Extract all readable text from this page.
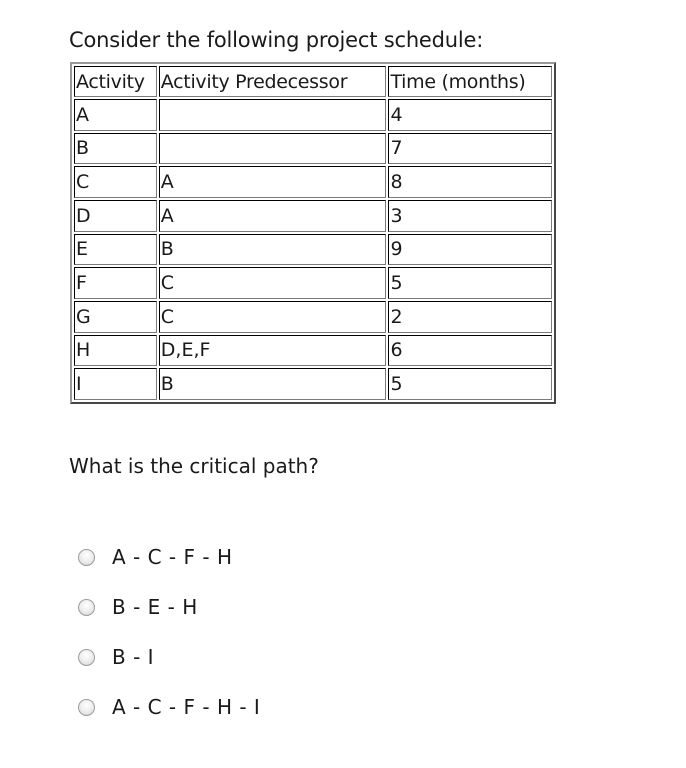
Consider the following project schedule:
Activity	Activity Predecessor	Time (months)
A		4
B		7
C	A	8
D	A	3
E	B	9
F	C	5
G	C	2
H	D,E,F	6
I	B	5
What is the critical path?
A - C - F - H
B - E - H
B - I
A - C - F - H - I
